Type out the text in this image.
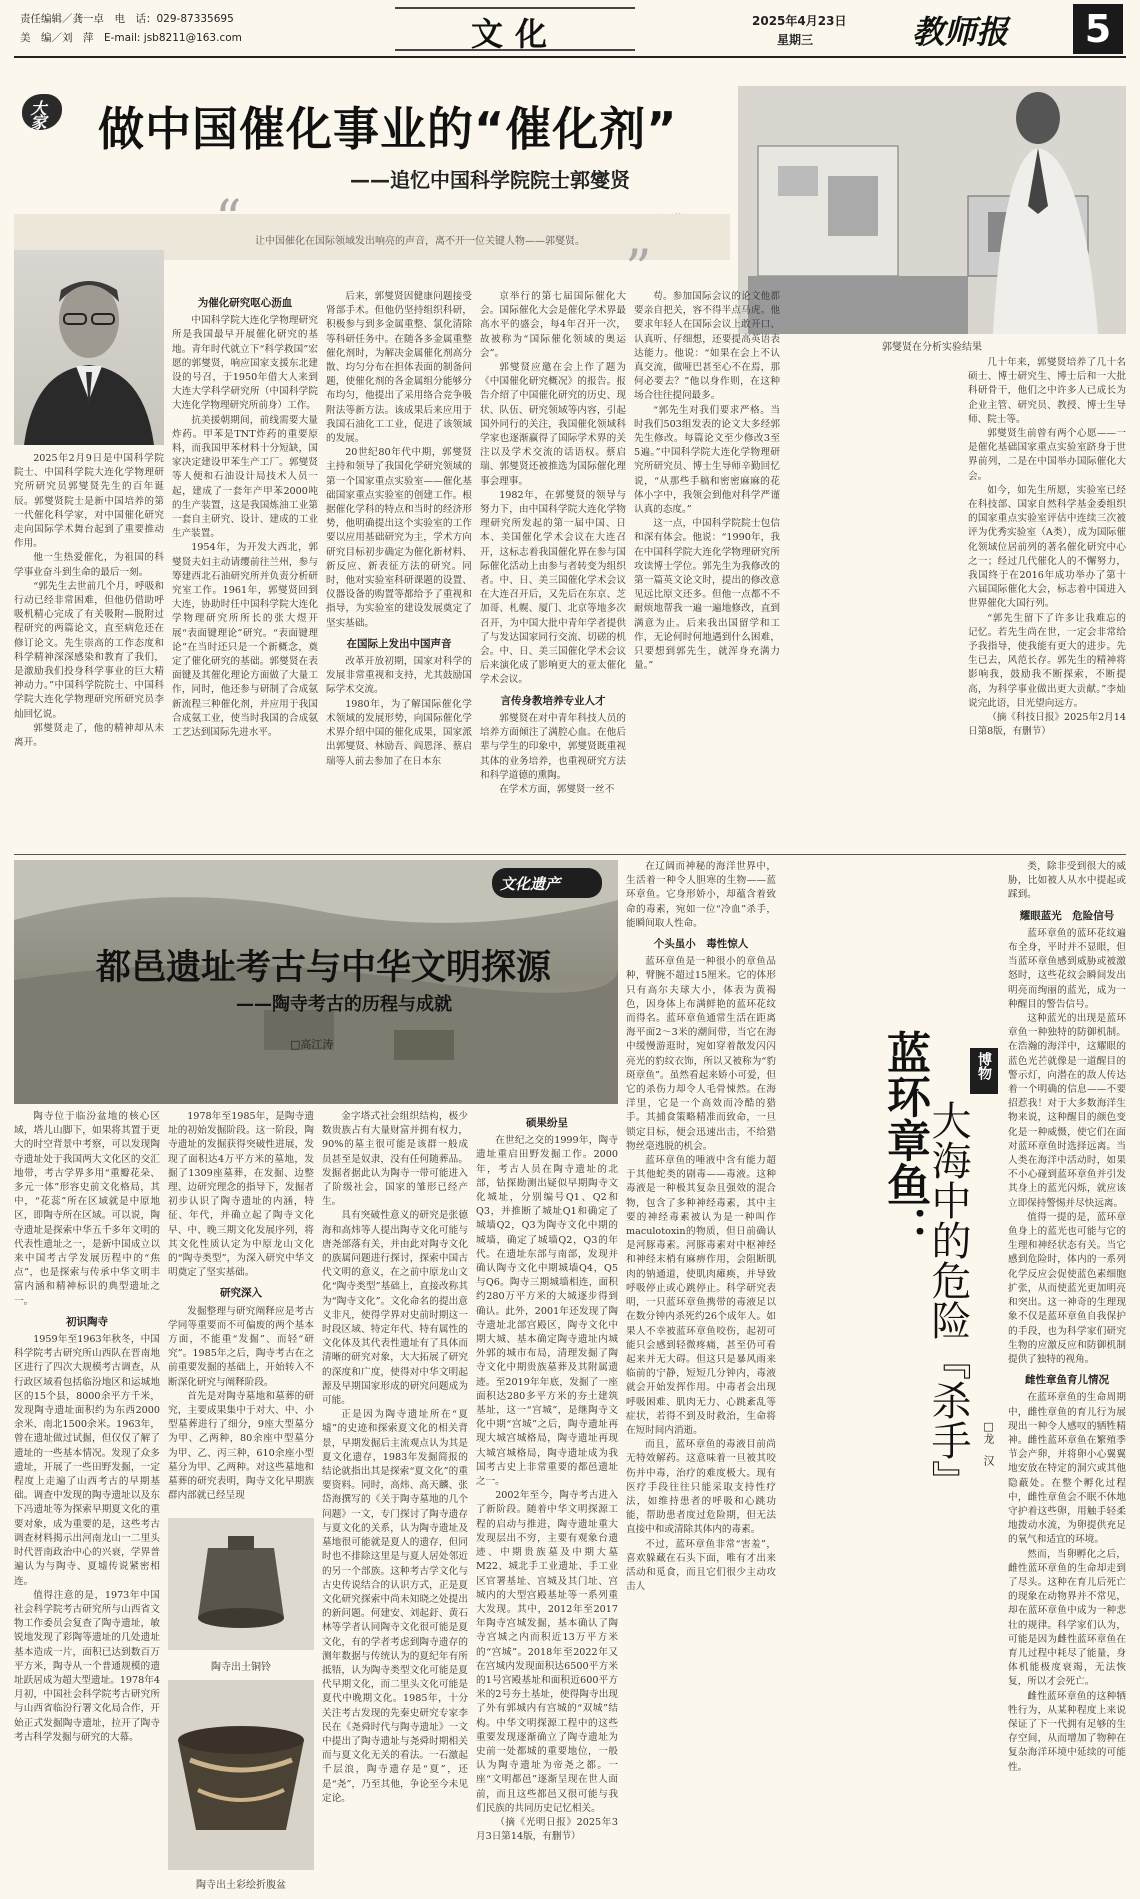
责任编辑／龚一卓　电　话：029-87335695
美　编／刘　萍　E-mail: jsb8211@163.com	文化	2025年4月23日
星期三	教师报	5
大家 做中国催化事业的“催化剂”
——追忆中国科学院院士郭燮贤
“
”
让中国催化在国际领域发出响亮的声音，离不开一位关键人物——郭燮贤。
郭燮贤在分析实验结果

2025年2月9日是中国科学院院士、中国科学院大连化学物理研究所研究员郭燮贤先生的百年诞辰。郭燮贤院士是新中国培养的第一代催化科学家，对中国催化研究走向国际学术舞台起到了重要推动作用。

他一生热爱催化，为祖国的科学事业奋斗到生命的最后一刻。

“郭先生去世前几个月，呼吸和行动已经非常困难，但他仍借助呼吸机精心完成了有关吸附—脱附过程研究的两篇论文，直至病危还在修订论文。先生崇高的工作态度和科学精神深深感染和教育了我们，是激励我们投身科学事业的巨大精神动力。”中国科学院院士、中国科学院大连化学物理研究所研究员李灿回忆说。

郭燮贤走了，他的精神却从未离开。

为催化研究呕心沥血

中国科学院大连化学物理研究所是我国最早开展催化研究的基地。青年时代就立下“科学救国”宏愿的郭燮贤，响应国家支援东北建设的号召，于1950年借大人来到大连大学科学研究所（中国科学院大连化学物理研究所前身）工作。

抗美援朝期间，前线需要大量炸药。甲苯是TNT炸药的重要原料，而我国甲苯材料十分短缺，国家决定建设甲苯生产工厂。郭燮贤等人便和石油设计局技术人员一起，建成了一套年产甲苯2000吨的生产装置，这是我国炼油工业第一套自主研究、设计、建成的工业生产装置。

1954年，为开发大西北，郭燮贤夫妇主动请缨前往兰州，参与筹建西北石油研究所并负责分析研究室工作。1961年，郭燮贤回到大连，协助时任中国科学院大连化学物理研究所所长的张大煜开展“表面键理论”研究。“表面键理论”在当时还只是一个新概念，奠定了催化研究的基础。郭燮贤在表面键及其催化理论方面做了大量工作，同时，他还参与研制了合成氨新流程三种催化剂，并应用于我国合成氨工业，使当时我国的合成氨工艺达到国际先进水平。

后来，郭燮贤因健康问题接受肾部手术。但他仍坚持组织科研，积极参与到多金属重整、氯化清除等科研任务中。在随各多金属重整催化剂时，为解决金属催化剂高分散、均匀分布在担体表面的制备问题，使催化剂的各金属组分能够分布均匀，他提出了采用络合竞争吸附法等新方法。该成果后来应用于我国石油化工工业，促进了该领域的发展。

20世纪80年代中期，郭燮贤主持和领导了我国化学研究领域的第一个国家重点实验室——催化基础国家重点实验室的创建工作。根据催化学科的特点和当时的经济形势，他明确提出这个实验室的工作要以应用基础研究为主，学术方向研究目标初步确定为催化新材料、新反应、新表征方法的研究。同时，他对实验室科研课题的设置、仪器设备的购置等都给予了重视和指导，为实验室的建设发展奠定了坚实基础。

在国际上发出中国声音

改革开放初期，国家对科学的发展非常重视和支持，尤其鼓励国际学术交流。

1980年，为了解国际催化学术领域的发展形势，向国际催化学术界介绍中国的催化成果，国家派出郭燮贤、林励吾、阎恩泽、蔡启瑞等人前去参加了在日本东

京举行的第七届国际催化大会。国际催化大会是催化学术界最高水平的盛会，每4年召开一次，故被称为“国际催化领域的奥运会”。

郭燮贤应邀在会上作了题为《中国催化研究概况》的报告。报告介绍了中国催化研究的历史、现状、队伍、研究领域等内容，引起国外同行的关注，我国催化领域科学家也逐渐赢得了国际学术界的关注以及学术交流的话语权。蔡启瑞、郭燮贤还被推选为国际催化理事会理事。

1982年，在郭燮贤的领导与努力下，由中国科学院大连化学物理研究所发起的第一届中国、日本、美国催化学术会议在大连召开，这标志着我国催化界在参与国际催化活动上由参与者转变为组织者。中、日、美三国催化学术会议在大连召开后，又先后在东京、芝加哥、札幌、厦门、北京等地多次召开，为中国大批中青年学者提供了与发达国家同行交流、切磋的机会。中、日、美三国催化学术会议后来演化成了影响更大的亚太催化学术会议。

言传身教培养专业人才

郭燮贤在对中青年科技人员的培养方面倾注了满腔心血。在他后辈与学生的印象中，郭燮贤既重视其体的业务培养，也重视研究方法和科学道德的熏陶。

在学术方面，郭燮贤一丝不

苟。参加国际会议的论文他都要亲自把关，容不得半点马虎。他要求年轻人在国际会议上敢开口、认真听、仔细想，还要提高英语表达能力。他说：“如果在会上不认真交流，做哑巴甚至心不在焉，那何必要去？”他以身作则，在这种场合往往提问最多。

“郭先生对我们要求严格。当时我们503组发表的论文大多经郭先生修改。每篇论文至少修改3至5遍。”中国科学院大连化学物理研究所研究员、博士生导师辛勤回忆说，“从那些手稿和密密麻麻的花体小字中，我领会到他对科学严谨认真的态度。”

这一点，中国科学院院士包信和深有体会。他说：“1990年，我在中国科学院大连化学物理研究所攻读博士学位。郭先生为我修改的第一篇英文论文时，提出的修改意见远比原文还多。但他一点都不不耐烦地帮我一遍一遍地修改，直到满意为止。后来我出国留学和工作，无论何时何地遇到什么困难，只要想到郭先生，就浑身充满力量。”

几十年来，郭燮贤培养了几十名硕士、博士研究生、博士后和一大批科研骨干，他们之中许多人已成长为企业主管、研究员、教授、博士生导师、院士等。

郭燮贤生前曾有两个心愿——一是催化基础国家重点实验室跻身于世界前列，二是在中国举办国际催化大会。

如今，如先生所愿，实验室已经在科技部、国家自然科学基金委组织的国家重点实验室评估中连续三次被评为优秀实验室（A类），成为国际催化领域位居前列的著名催化研究中心之一；经过几代催化人的不懈努力，我国终于在2016年成功举办了第十六届国际催化大会，标志着中国进入世界催化大国行列。

“郭先生留下了许多让我难忘的记忆。若先生尚在世，一定会非常给予我指导，使我能有更大的进步。先生已去，风范长存。郭先生的精神将影响我，鼓励我不断探索，不断提高，为科学事业做出更大贡献。”李灿说完此语，目光望向远方。

（摘《科技日报》2025年2月14日第8版，有删节）

文化遗产
都邑遗址考古与中华文明探源
——陶寺考古的历程与成就
□高江涛

陶寺位于临汾盆地的核心区域，塔儿山脚下，如果将其置于更大的时空背景中考察，可以发现陶寺遗址处于我国两大文化区的交汇地带，考古学界多用“重瓣花朵、多元一体”形容史前文化格局，其中，“花蕊”所在区域就是中原地区，即陶寺所在区域。可以说，陶寺遗址是探索中华五千多年文明的代表性遗址之一，是新中国成立以来中国考古学发展历程中的“焦点”，也是探索与传承中华文明丰富内涵和精神标识的典型遗址之一。

初识陶寺

1959年至1963年秋冬，中国科学院考古研究所山西队在晋南地区进行了四次大规模考古调查，从行政区域看包括临汾地区和运城地区的15个县，8000余平方千米，发现陶寺遗址面积约为东西2000余米、南北1500余米。1963年，曾在遗址做过试掘，但仅仅了解了遗址的一些基本情况。发现了众多遗址，开展了一些田野发掘，一定程度上走遍了山西考古的早期基础。调查中发现的陶寺遗址以及东下冯遗址等为探索早期夏文化的重要对象，成为重要的是，这些考古调查材料揭示出河南龙山一二里头时代晋南政治中心的兴衰，学界普遍认为与陶寺、夏墟传说紧密相连。

值得注意的是，1973年中国社会科学院考古研究所与山西省文物工作委员会复查了陶寺遗址，敏锐地发现了彩陶等遗址的几处遗址基本造成一片，面积已达到数百万平方米，陶寺从一个普通规模的遗址跃居成为超大型遗址。1978年4月初，中国社会科学院考古研究所与山西省临汾行署文化局合作，开始正式发掘陶寺遗址，拉开了陶寺考古科学发掘与研究的大幕。

1978年至1985年，是陶寺遗址的初始发掘阶段。这一阶段，陶寺遗址的发掘获得突破性进展，发现了面积达4万平方米的墓地，发掘了1309座墓葬，在发掘、边整理、边研究理念的指导下，发掘者初步认识了陶寺遗址的内涵，特征、年代，并确立起了陶寺文化早、中、晚三期文化发展序列，将其文化性质认定为中原龙山文化的“陶寺类型”，为深入研究中华文明奠定了坚实基础。

研究深入

发掘整理与研究阐释应是考古学同等重要而不可偏废的两个基本方面，不能重“发掘”、而轻“研究”。1985年之后，陶寺考古在之前重要发掘的基础上，开始转入不断深化研究与阐释阶段。

首先是对陶寺墓地和墓葬的研究，主要成果集中于对大、中、小型墓葬进行了细分，9座大型墓分为甲、乙两种，80余座中型墓分为甲、乙、丙三种，610余座小型墓分为甲、乙两种。对这些墓地和墓葬的研究表明，陶寺文化早期族群内部就已经呈现

金字塔式社会组织结构，极少数贵族占有大量财富并拥有权力，90%的墓主很可能是该群一般成员甚至是奴隶，没有任何随葬品。发掘者据此认为陶寺一带可能进入了阶级社会，国家的雏形已经产生。

具有突破性意义的研究是张德海和高炜等人提出陶寺文化可能与唐尧部落有关，并由此对陶寺文化的族属问题进行探讨，探索中国古代文明的意义，在之前中原龙山文化“陶寺类型”基础上，直接改称其为“陶寺文化”。文化命名的提出意义非凡，使得学界对史前时期这一时段区域、特定年代、特有属性的文化体及其代表性遗址有了具体而清晰的研究对象，大大拓展了研究的深度和广度，使得对中华文明起源及早期国家形成的研究问题成为可能。

正是因为陶寺遗址所在“夏墟”的史迹和探索夏文化的相关背景，早期发掘后主流观点认为其是夏文化遗存，1983年发掘简报的结论就指出其是探索“夏文化”的重要资料。同时，高炜、高天麟、张岱海撰写的《关于陶寺墓地的几个问题》一文，专门探讨了陶寺遗存与夏文化的关系，认为陶寺遗址及墓地很可能就是夏人的遗存，但同时也不排除这里是与夏人居处邻近的另一个部族。这种考古学文化与古史传说结合的认识方式，正是夏文化研究探索中尚未知晓之处提出的新问题。何建安、刘起釪、黄石林等学者认同陶寺文化很可能是夏文化，有的学者考虑到陶寺遗存的测年数据与传统认为的夏纪年有所抵牾，认为陶寺类型文化可能是夏代早期文化，而二里头文化可能是夏代中晚期文化。1985年，十分关注考古发现的先秦史研究专家李民在《尧舜时代与陶寺遗址》一文中提出了陶寺遗址与尧舜时期相关而与夏文化无关的看法。一石激起千层浪，陶寺遗存是“夏”，还是“尧”，乃至其他，争论至今未见定论。

硕果纷呈

在世纪之交的1999年，陶寺遗址重启田野发掘工作。2000年，考古人员在陶寺遗址的北部，钻探勘测出疑似早期陶寺文化城址，分别编号Q1、Q2和Q3，并推断了城址Q1和确定了城墙Q2，Q3为陶寺文化中期的城墙，确定了城墙Q2，Q3的年代。在遗址东部与南部，发现并确认陶寺文化中期城墙Q4，Q5与Q6。陶寺三期城墙相连，面积约280万平方米的大城逐步得到确认。此外，2001年还发现了陶寺遗址北部宫殿区，陶寺文化中期大城、基本确定陶寺遗址内城外郭的城市布局，清理发掘了陶寺文化中期贵族墓葬及其附属遗迹。至2019年年底，发掘了一座面积达280多平方米的夯土建筑基址，这一“宫城”，是继陶寺文化中期“宫城”之后，陶寺遗址再现大城宫城格局，陶寺遗址再现大城宫城格局，陶寺遗址成为我国考古史上非常重要的都邑遗址之一。

2002年至今，陶寺考古进入了新阶段。随着中华文明探源工程的启动与推进，陶寺遗址重大发现层出不穷，主要有观象台遗迹、中期贵族墓及中期大墓M22、城北手工业遗址、手工业区官署基址、宫城及其门址、宫城内的大型宫殿基址等一系列重大发现。其中，2012年至2017年陶寺宫城发掘，基本确认了陶寺宫城之内而积近13万平方米的“宫城”。2018年至2022年又在宫城内发现面积达6500平方米的1号宫殿基址和面积近600平方米的2号夯土基址，使得陶寺出现了外有郭城内有宫城的“双城”结构。中华文明探源工程中的这些重要发现逐渐确立了陶寺遗址为史前一处都城的重要地位，一般认为陶寺遗址为帝尧之都。一座“文明都邑”逐渐呈现在世人面前，而且这些都邑又很可能与我们民族的共同历史记忆相关。

（摘《光明日报》2025年3月3日第14版，有删节）

陶寺出土铜铃
陶寺出土彩绘折腹盆

在辽阔而神秘的海洋世界中，生活着一种令人胆寒的生物——蓝环章鱼。它身形娇小，却蕴含着致命的毒素，宛如一位“冷血”杀手，能瞬间取人性命。

个头虽小　毒性惊人

蓝环章鱼是一种很小的章鱼品种，臂腕不超过15厘米。它的体形只有高尔夫球大小，体表为黄褐色，因身体上布满鲜艳的蓝环花纹而得名。蓝环章鱼通常生活在距离海平面2～3米的潮间带，当它在海中缓慢游逛时，宛如穿着散发闪闪亮光的豹纹衣饰，所以又被称为“豹斑章鱼”。虽然看起来娇小可爱，但它的杀伤力却令人毛骨悚然。在海洋里，它是一个高效而冷酷的猎手。其捕食策略精准而致命，一旦锁定目标，便会迅速出击，不给猎物丝毫逃脱的机会。

蓝环章鱼的唾液中含有能力超于其他蛇类的剧毒——毒液。这种毒液是一种极其复杂且强效的混合物，包含了多种神经毒素，其中主要的神经毒素被认为是一种叫作maculotoxin的物质，但日前确认是河豚毒素。河豚毒素对中枢神经和神经末梢有麻痹作用，会阻断肌肉的钠通道，使肌肉瘫痪，并导致呼吸停止或心跳停止。科学研究表明，一只蓝环章鱼携带的毒液足以在数分钟内杀死约26个成年人。如果人不幸被蓝环章鱼咬伤，起初可能只会感到轻微疼痛，甚至仍可看起来并无大碍。但这只是暴风雨来临前的宁静，短短几分钟内，毒液就会开始发挥作用。中毒者会出现呼吸困难、肌肉无力、心跳紊乱等症状，若得不到及时救治，生命将在短时间内消逝。

而且，蓝环章鱼的毒液目前尚无特效解药。这意味着一旦被其咬伤并中毒，治疗的难度极大。现有医疗手段往往只能采取支持性疗法，如维持患者的呼吸和心跳功能，帮助患者度过危险期，但无法直接中和或清除其体内的毒素。

不过，蓝环章鱼非常“害羞”，喜欢躲藏在石头下面，唯有才出来活动和觅食，而且它们很少主动攻击人

博物
蓝环章鱼：
大海中的危险『杀手』	□龙　汉

类，除非受到很大的威胁，比如被人从水中提起或踩到。

耀眼蓝光　危险信号

蓝环章鱼的蓝环花纹遍布全身，平时并不显眼，但当蓝环章鱼感到威胁或被激怒时，这些花纹会瞬间发出明亮而绚丽的蓝光，成为一种醒目的警告信号。

这种蓝光的出现是蓝环章鱼一种独特的防御机制。在浩瀚的海洋中，这耀眼的蓝色光芒就像是一道醒目的警示灯，向潜在的敌人传达着一个明确的信息——不要招惹我！对于大多数海洋生物来说，这种醒目的颜色变化是一种威慑，使它们在面对蓝环章鱼时选择远离。当人类在海洋中活动时，如果不小心碰到蓝环章鱼并引发其身上的蓝光闪烁，就应该立即保持警惕并尽快远离。

值得一提的是，蓝环章鱼身上的蓝光也可能与它的生理和神经状态有关。当它感到危险时，体内的一系列化学反应会促使蓝色素细胞扩张，从而使蓝光更加明亮和突出。这一神奇的生理现象不仅是蓝环章鱼自我保护的手段，也为科学家们研究生物的应激反应和防御机制提供了独特的视角。

雌性章鱼育儿情况

在蓝环章鱼的生命周期中，雌性章鱼的育儿行为展现出一种令人感叹的牺牲精神。雌性蓝环章鱼在繁殖季节会产卵，并将卵小心翼翼地安放在特定的洞穴或其他隐蔽处。在整个孵化过程中，雌性章鱼会不眠不休地守护着这些卵，用触手轻柔地拨动水流，为卵提供充足的氧气和适宜的环境。

然而，当卵孵化之后，雌性蓝环章鱼的生命却走到了尽头。这种在育儿后死亡的现象在动物界并不常见，却在蓝环章鱼中成为一种悲壮的规律。科学家们认为，可能是因为雌性蓝环章鱼在育儿过程中耗尽了能量，身体机能极度衰竭，无法恢复，所以才会死亡。

雌性蓝环章鱼的这种牺牲行为，从某种程度上来说保证了下一代拥有足够的生存空间，从而增加了物种在复杂海洋环境中延续的可能性。
